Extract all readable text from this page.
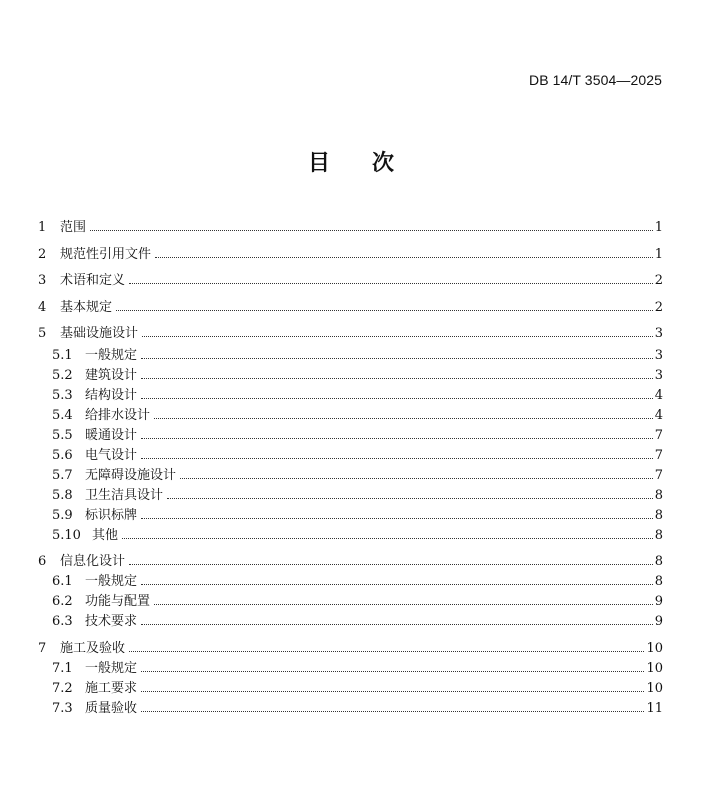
DB 14/T 3504—2025
目 次
1	范围	1
2	规范性引用文件	1
3	术语和定义	2
4	基本规定	2
5	基础设施设计	3
5.1 一般规定	3
5.2 建筑设计	3
5.3 结构设计	4
5.4 给排水设计	4
5.5 暖通设计	7
5.6 电气设计	7
5.7 无障碍设施设计	7
5.8 卫生洁具设计	8
5.9 标识标牌	8
5.10 其他	8
6	信息化设计	8
6.1 一般规定	8
6.2 功能与配置	9
6.3 技术要求	9
7	施工及验收	10
7.1 一般规定	10
7.2 施工要求	10
7.3 质量验收	11
